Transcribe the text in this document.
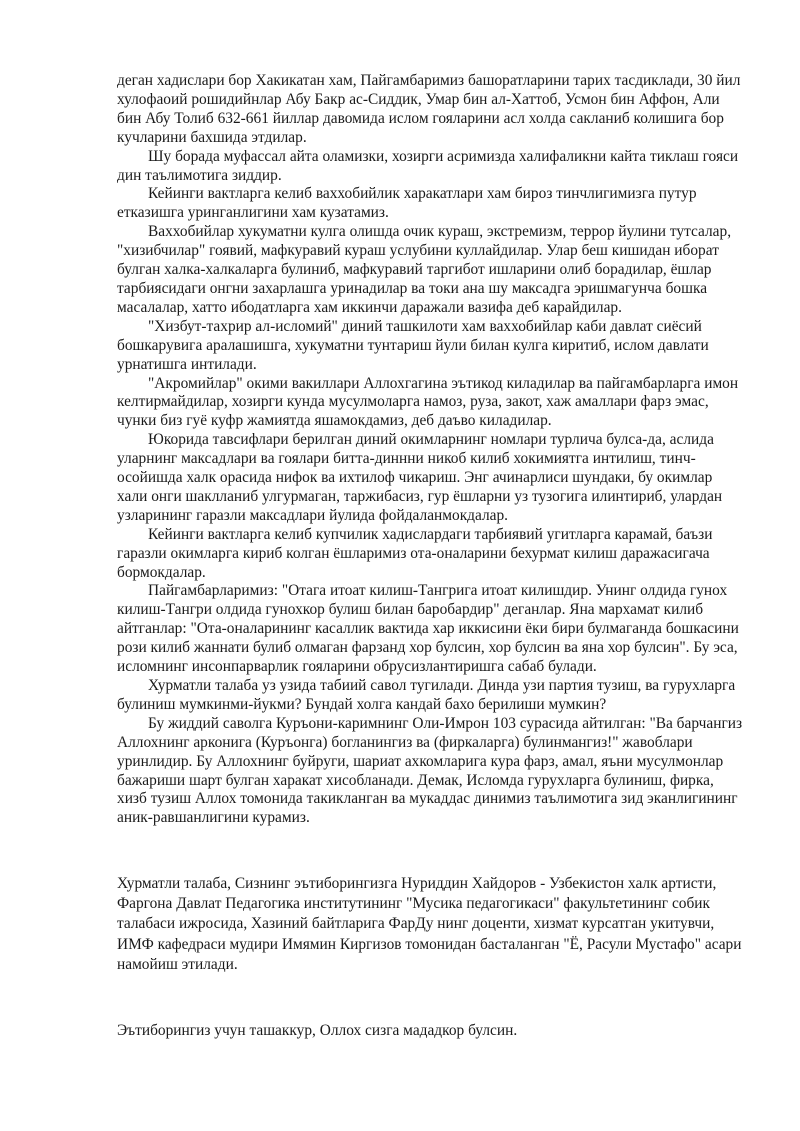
деган хадислари бор Хакикатан хам, Пайгамбаримиз башоратларини тарих тасдиклади, 30 йил хулофаоий рошидийнлар Абу Бакр ас-Сиддик, Умар бин ал-Хаттоб, Усмон бин Аффон, Али бин Абу Толиб 632-661 йиллар давомида ислом гояларини асл холда сакланиб колишига бор кучларини бахшида этдилар.

Шу борада муфассал айта оламизки, хозирги асримизда халифаликни кайта тиклаш гояси дин таълимотига зиддир.

Кейинги вактларга келиб ваххобийлик харакатлари хам бироз тинчлигимизга путур етказишга уринганлигини хам кузатамиз.

Ваххобийлар хукуматни кулга олишда очик кураш, экстремизм, террор йулини тутсалар, "хизибчилар" гоявий, мафкуравий кураш услубини куллайдилар. Улар беш кишидан иборат булган халка-халкаларга булиниб, мафкуравий таргибот ишларини олиб борадилар, ёшлар тарбиясидаги онгни захарлашга уринадилар ва токи ана шу максадга эришмагунча бошка масалалар, хатто ибодатларга хам иккинчи даражали вазифа деб карайдилар.

"Хизбут-тахрир ал-исломий" диний ташкилоти хам ваххобийлар каби давлат сиёсий бошкарувига аралашишга, хукуматни тунтариш йули билан кулга киритиб, ислом давлати урнатишга интилади.

"Акромийлар" окими вакиллари Аллохгагина эътикод киладилар ва пайгамбарларга имон келтирмайдилар, хозирги кунда мусулмоларга намоз, руза, закот, хаж амаллари фарз эмас, чунки биз гуё куфр жамиятда яшамокдамиз, деб даъво киладилар.

Юкорида тавсифлари берилган диний окимларнинг номлари турлича булса-да, аслида уларнинг максадлари ва гоялари битта-диннни никоб килиб хокимиятга интилиш, тинч-осойишда халк орасида нифок ва ихтилоф чикариш. Энг ачинарлиси шундаки, бу окимлар хали онги шаклланиб улгурмаган, таржибасиз, гур ёшларни уз тузогига илинтириб, улардан узларининг гаразли максадлари йулида фойдаланмокдалар.

Кейинги вактларга келиб купчилик хадислардаги тарбиявий угитларга карамай, баъзи гаразли окимларга кириб колган ёшларимиз ота-оналарини бехурмат килиш даражасигача бормокдалар.

Пайгамбарларимиз: "Отага итоат килиш-Тангрига итоат килишдир. Унинг олдида гунох килиш-Тангри олдида гунохкор булиш билан баробардир" деганлар. Яна мархамат килиб айтганлар: "Ота-оналарининг касаллик вактида хар иккисини ёки бири булмаганда бошкасини рози килиб жаннати булиб олмаган фарзанд хор булсин, хор булсин ва яна хор булсин". Бу эса, исломнинг инсонпарварлик гояларини обрусизлантиришга сабаб булади.

Хурматли талаба уз узида табиий савол тугилади. Динда узи партия тузиш, ва гурухларга булиниш мумкинми-йукми? Бундай холга кандай бахо берилиши мумкин?

Бу жиддий саволга Куръони-каримнинг Оли-Имрон 103 сурасида айтилган: "Ва барчангиз Аллохнинг арконига (Куръонга) богланингиз ва (фиркаларга) булинмангиз!" жавоблари уринлидир. Бу Аллохнинг буйруги, шариат ахкомларига кура фарз, амал, яъни мусулмонлар бажариши шарт булган харакат хисобланади. Демак, Исломда гурухларга булиниш, фирка, хизб тузиш Аллох томонида такикланган ва мукаддас динимиз таълимотига зид эканлигининг аник-равшанлигини курамиз.

Хурматли талаба, Сизнинг эътиборингизга Нуриддин Хайдоров - Узбекистон халк артисти, Фаргона Давлат Педагогика институтининг "Мусика педагогикаси" факультетининг собик талабаси ижросида, Хазиний байтларига ФарДу нинг доценти, хизмат курсатган укитувчи, ИМФ кафедраси мудири Имямин Киргизов томонидан басталанган "Ё, Расули Мустафо" асари намойиш этилади.

Эътиборингиз учун ташаккур, Оллох сизга мададкор булсин.
